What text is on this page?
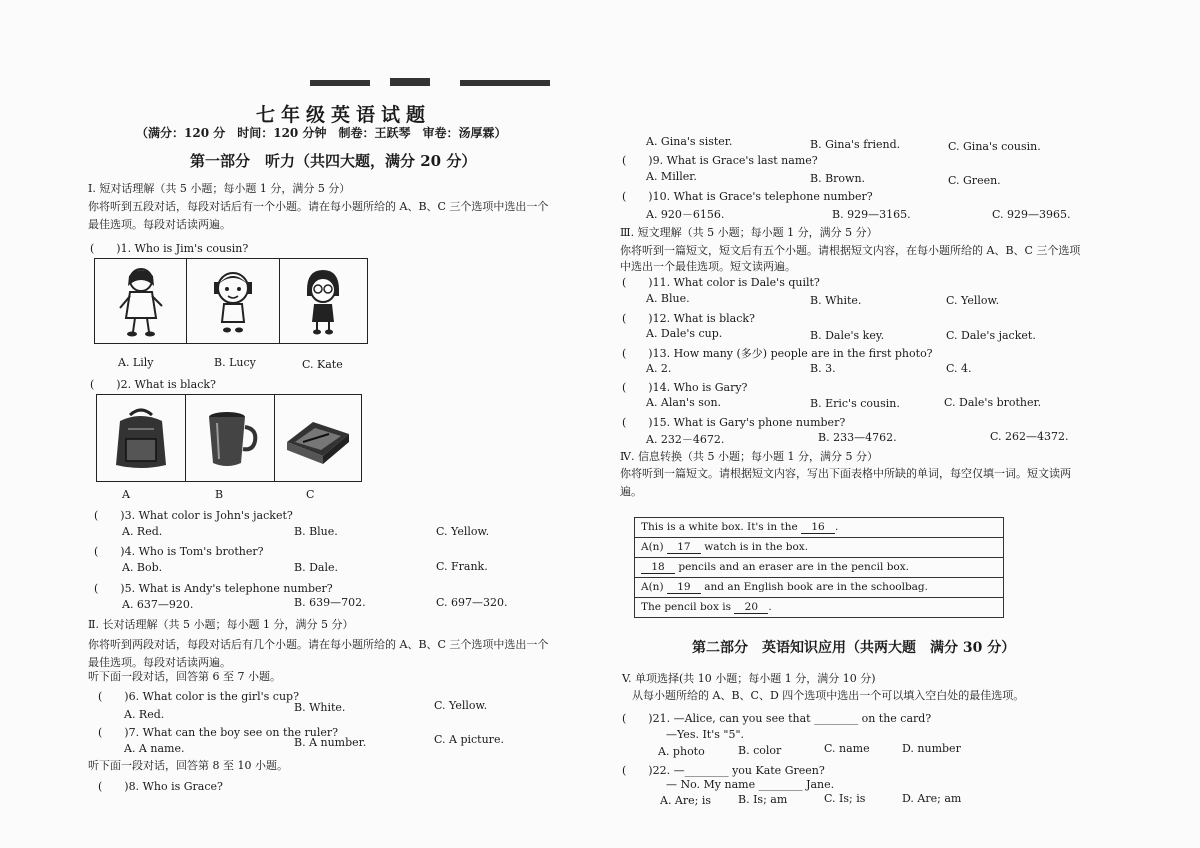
七年级英语试题
（满分：120 分　时间：120 分钟　制卷：王跃琴　审卷：汤厚霖）
第一部分　听力（共四大题，满分 20 分）
Ⅰ. 短对话理解（共 5 小题；每小题 1 分，满分 5 分）
你将听到五段对话，每段对话后有一个小题。请在每小题所给的 A、B、C 三个选项中选出一个
最佳选项。每段对话读两遍。
(　　)1. Who is Jim's cousin?
A. Lily	B. Lucy	C. Kate
(　　)2. What is black?
A	B	C
(　　)3. What color is John's jacket?
A. Red.	B. Blue.	C. Yellow.
(　　)4. Who is Tom's brother?
A. Bob.	B. Dale.	C. Frank.
(　　)5. What is Andy's telephone number?
A. 637—920.	B. 639—702.	C. 697—320.
Ⅱ. 长对话理解（共 5 小题；每小题 1 分，满分 5 分）
你将听到两段对话，每段对话后有几个小题。请在每小题所给的 A、B、C 三个选项中选出一个
最佳选项。每段对话读两遍。
听下面一段对话，回答第 6 至 7 小题。
(　　)6. What color is the girl's cup?
A. Red.
B. White.	C. Yellow.
(　　)7. What can the boy see on the ruler?
A. A name.	B. A number.	C. A picture.
听下面一段对话，回答第 8 至 10 小题。
(　　)8. Who is Grace?
A. Gina's sister.	B. Gina's friend.	C. Gina's cousin.
(　　)9. What is Grace's last name?
A. Miller.	B. Brown.	C. Green.
(　　)10. What is Grace's telephone number?
A. 920－6156.	B. 929—3165.	C. 929—3965.
Ⅲ. 短文理解（共 5 小题；每小题 1 分，满分 5 分）
你将听到一篇短文，短文后有五个小题。请根据短文内容，在每小题所给的 A、B、C 三个选项
中选出一个最佳选项。短文读两遍。
(　　)11. What color is Dale's quilt?
A. Blue.	B. White.	C. Yellow.
(　　)12. What is black?
A. Dale's cup.	B. Dale's key.	C. Dale's jacket.
(　　)13. How many (多少) people are in the first photo?
A. 2.	B. 3.	C. 4.
(　　)14. Who is Gary?
A. Alan's son.	B. Eric's cousin.	C. Dale's brother.
(　　)15. What is Gary's phone number?
A. 232－4672.	B. 233—4762.	C. 262—4372.
Ⅳ. 信息转换（共 5 小题；每小题 1 分，满分 5 分）
你将听到一篇短文。请根据短文内容，写出下面表格中所缺的单词，每空仅填一词。短文读两
遍。
This is a white box. It's in the 16 .
A(n) 17 watch is in the box.
18 pencils and an eraser are in the pencil box.
A(n) 19 and an English book are in the schoolbag.
The pencil box is 20 .
第二部分　英语知识应用（共两大题　满分 30 分）
V. 单项选择(共 10 小题；每小题 1 分，满分 10 分)
从每小题所给的 A、B、C、D 四个选项中选出一个可以填入空白处的最佳选项。
(　　)21. —Alice, can you see that ________ on the card?
—Yes. It's "5".
A. photo	B. color	C. name	D. number
(　　)22. —________ you Kate Green?
— No. My name ________ Jane.
A. Are; is B. Is; am	C. Is; is	D. Are; am
